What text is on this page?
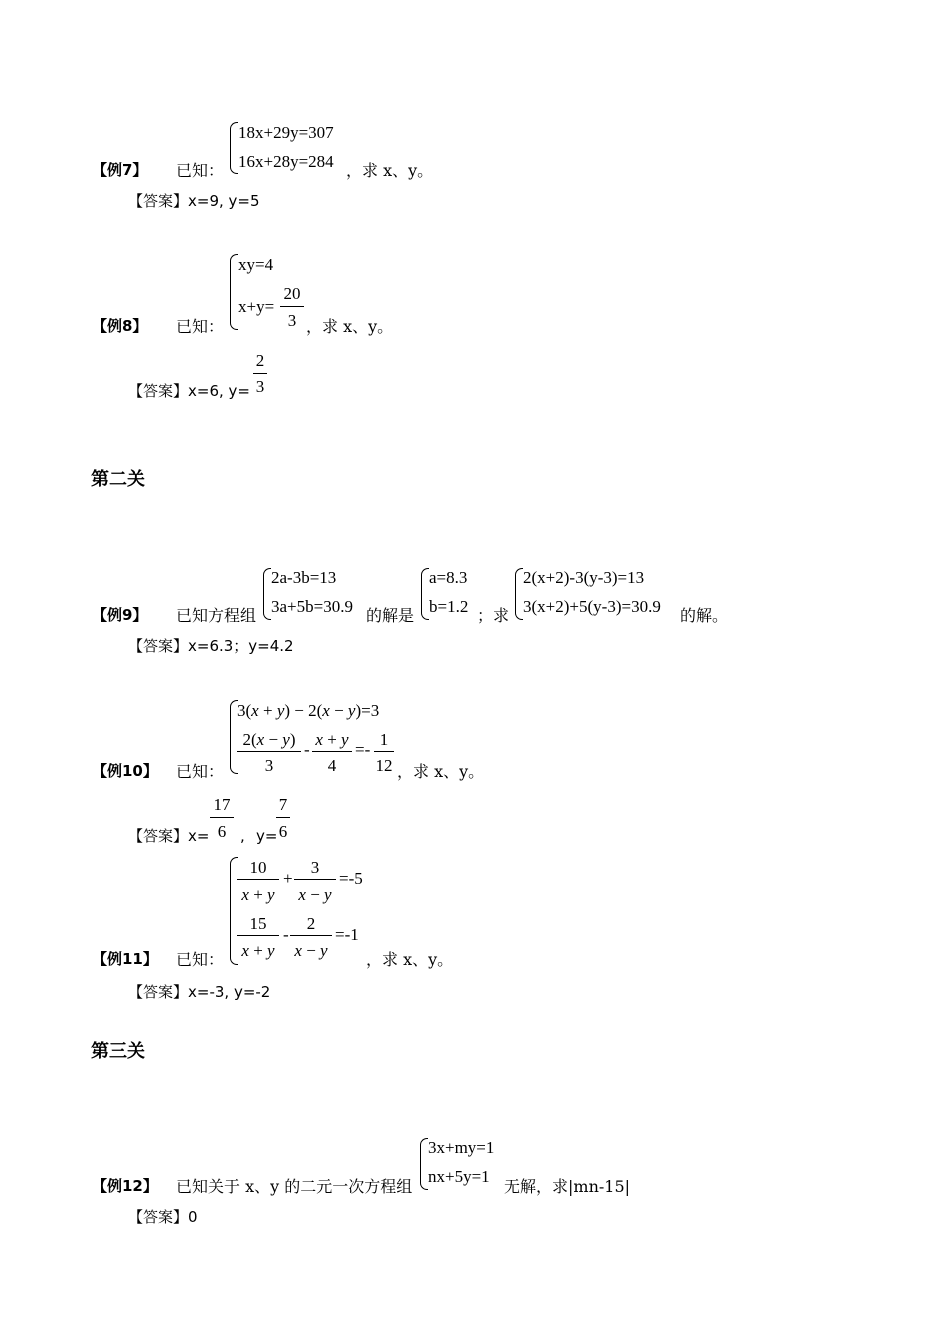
18x+29y=307
16x+28y=284
【例7】 已知：	，求 x、y。
【答案】x=9, y=5
xy=4
x+y=
20
3
【例8】 已知：	，求 x、y。
【答案】x=6, y=
2
3
第二关
2a-3b=13
3a+5b=30.9
a=8.3
b=1.2
2(x+2)-3(y-3)=13
3(x+2)+5(y-3)=30.9
【例9】 已知方程组	的解是	；求	的解。
【答案】x=6.3；y=4.2
3(x + y) − 2(x − y)=3
2(x − y)
3
-
x + y
4
=-
1
12
【例10】 已知：	，求 x、y。
【答案】x=
17
6 , y=
7
6
10
x + y
+
3
x − y
=-5
15
x + y
-
2
x − y
=-1
【例11】 已知：	，求 x、y。
【答案】x=-3, y=-2
第三关
3x+my=1
nx+5y=1
【例12】 已知关于 x、y 的二元一次方程组	无解，求|mn-15|
【答案】0
